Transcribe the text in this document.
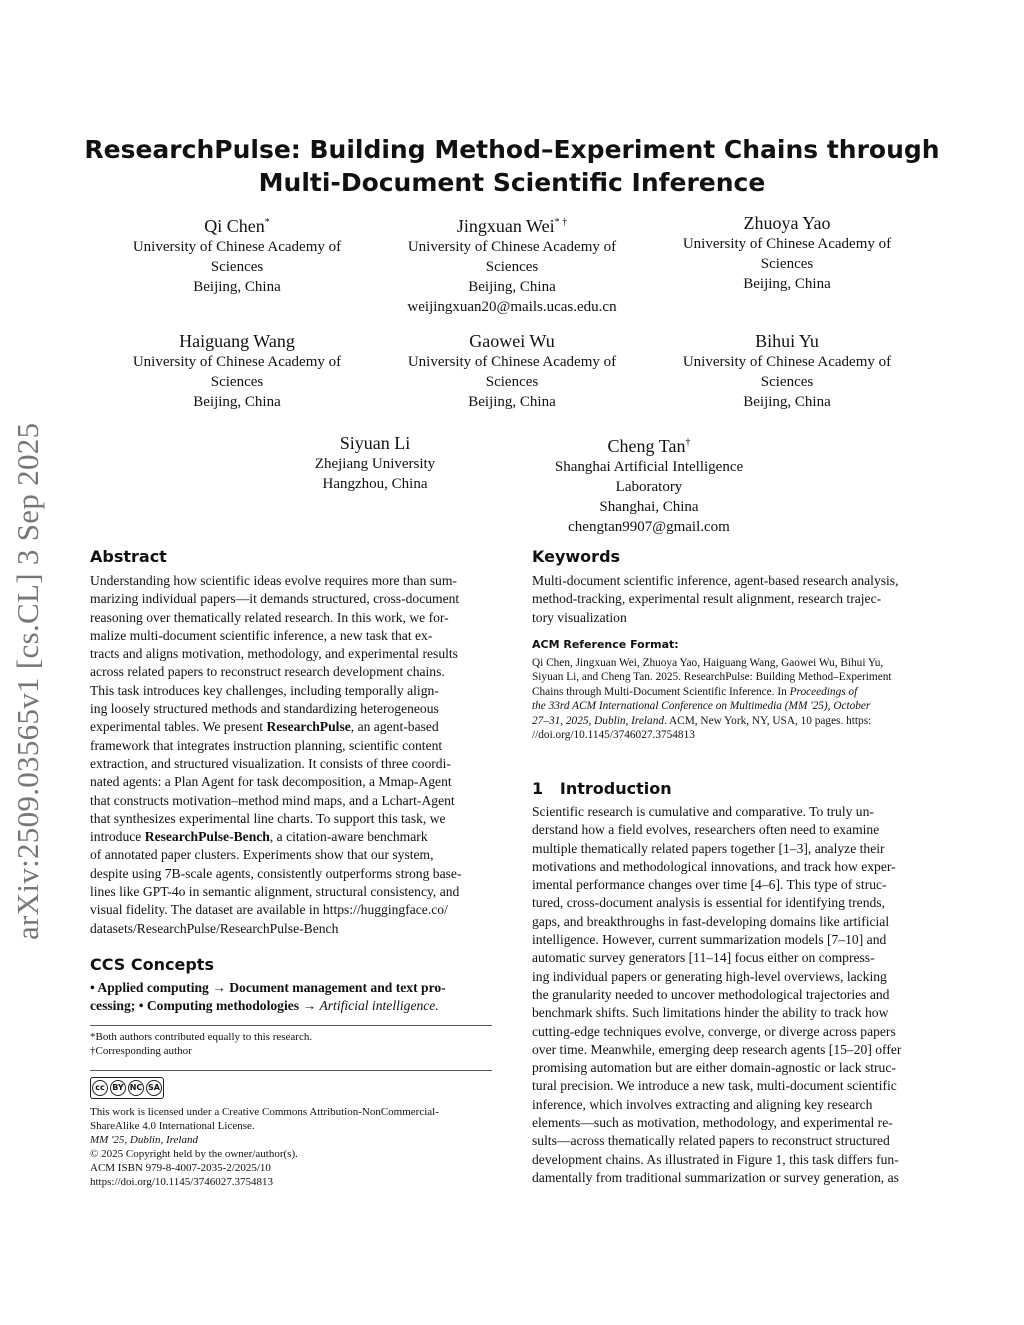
arXiv:2509.03565v1 [cs.CL] 3 Sep 2025
ResearchPulse: Building Method–Experiment Chains through
Multi-Document Scientific Inference
Qi Chen*
University of Chinese Academy of
Sciences
Beijing, China
Jingxuan Wei* †
University of Chinese Academy of
Sciences
Beijing, China
weijingxuan20@mails.ucas.edu.cn
Zhuoya Yao
University of Chinese Academy of
Sciences
Beijing, China
Haiguang Wang
University of Chinese Academy of
Sciences
Beijing, China
Gaowei Wu
University of Chinese Academy of
Sciences
Beijing, China
Bihui Yu
University of Chinese Academy of
Sciences
Beijing, China
Siyuan Li
Zhejiang University
Hangzhou, China
Cheng Tan†
Shanghai Artificial Intelligence
Laboratory
Shanghai, China
chengtan9907@gmail.com
Abstract
Understanding how scientific ideas evolve requires more than sum-
marizing individual papers—it demands structured, cross-document
reasoning over thematically related research. In this work, we for-
malize multi-document scientific inference, a new task that ex-
tracts and aligns motivation, methodology, and experimental results
across related papers to reconstruct research development chains.
This task introduces key challenges, including temporally align-
ing loosely structured methods and standardizing heterogeneous
experimental tables. We present ResearchPulse, an agent-based
framework that integrates instruction planning, scientific content
extraction, and structured visualization. It consists of three coordi-
nated agents: a Plan Agent for task decomposition, a Mmap-Agent
that constructs motivation–method mind maps, and a Lchart-Agent
that synthesizes experimental line charts. To support this task, we
introduce ResearchPulse-Bench, a citation-aware benchmark
of annotated paper clusters. Experiments show that our system,
despite using 7B-scale agents, consistently outperforms strong base-
lines like GPT-4o in semantic alignment, structural consistency, and
visual fidelity. The dataset are available in https://huggingface.co/
datasets/ResearchPulse/ResearchPulse-Bench
CCS Concepts
• Applied computing → Document management and text pro-
cessing; • Computing methodologies → Artificial intelligence.
*Both authors contributed equally to this research.
†Corresponding author
cc BY NC SA
This work is licensed under a Creative Commons Attribution-NonCommercial-
ShareAlike 4.0 International License.
MM '25, Dublin, Ireland
© 2025 Copyright held by the owner/author(s).
ACM ISBN 979-8-4007-2035-2/2025/10
https://doi.org/10.1145/3746027.3754813
Keywords
Multi-document scientific inference, agent-based research analysis,
method-tracking, experimental result alignment, research trajec-
tory visualization
ACM Reference Format:
Qi Chen, Jingxuan Wei, Zhuoya Yao, Haiguang Wang, Gaowei Wu, Bihui Yu,
Siyuan Li, and Cheng Tan. 2025. ResearchPulse: Building Method–Experiment
Chains through Multi-Document Scientific Inference. In Proceedings of
the 33rd ACM International Conference on Multimedia (MM '25), October
27–31, 2025, Dublin, Ireland. ACM, New York, NY, USA, 10 pages. https:
//doi.org/10.1145/3746027.3754813
1 Introduction
Scientific research is cumulative and comparative. To truly un-
derstand how a field evolves, researchers often need to examine
multiple thematically related papers together [1–3], analyze their
motivations and methodological innovations, and track how exper-
imental performance changes over time [4–6]. This type of struc-
tured, cross-document analysis is essential for identifying trends,
gaps, and breakthroughs in fast-developing domains like artificial
intelligence. However, current summarization models [7–10] and
automatic survey generators [11–14] focus either on compress-
ing individual papers or generating high-level overviews, lacking
the granularity needed to uncover methodological trajectories and
benchmark shifts. Such limitations hinder the ability to track how
cutting-edge techniques evolve, converge, or diverge across papers
over time. Meanwhile, emerging deep research agents [15–20] offer
promising automation but are either domain-agnostic or lack struc-
tural precision. We introduce a new task, multi-document scientific
inference, which involves extracting and aligning key research
elements—such as motivation, methodology, and experimental re-
sults—across thematically related papers to reconstruct structured
development chains. As illustrated in Figure 1, this task differs fun-
damentally from traditional summarization or survey generation, as
